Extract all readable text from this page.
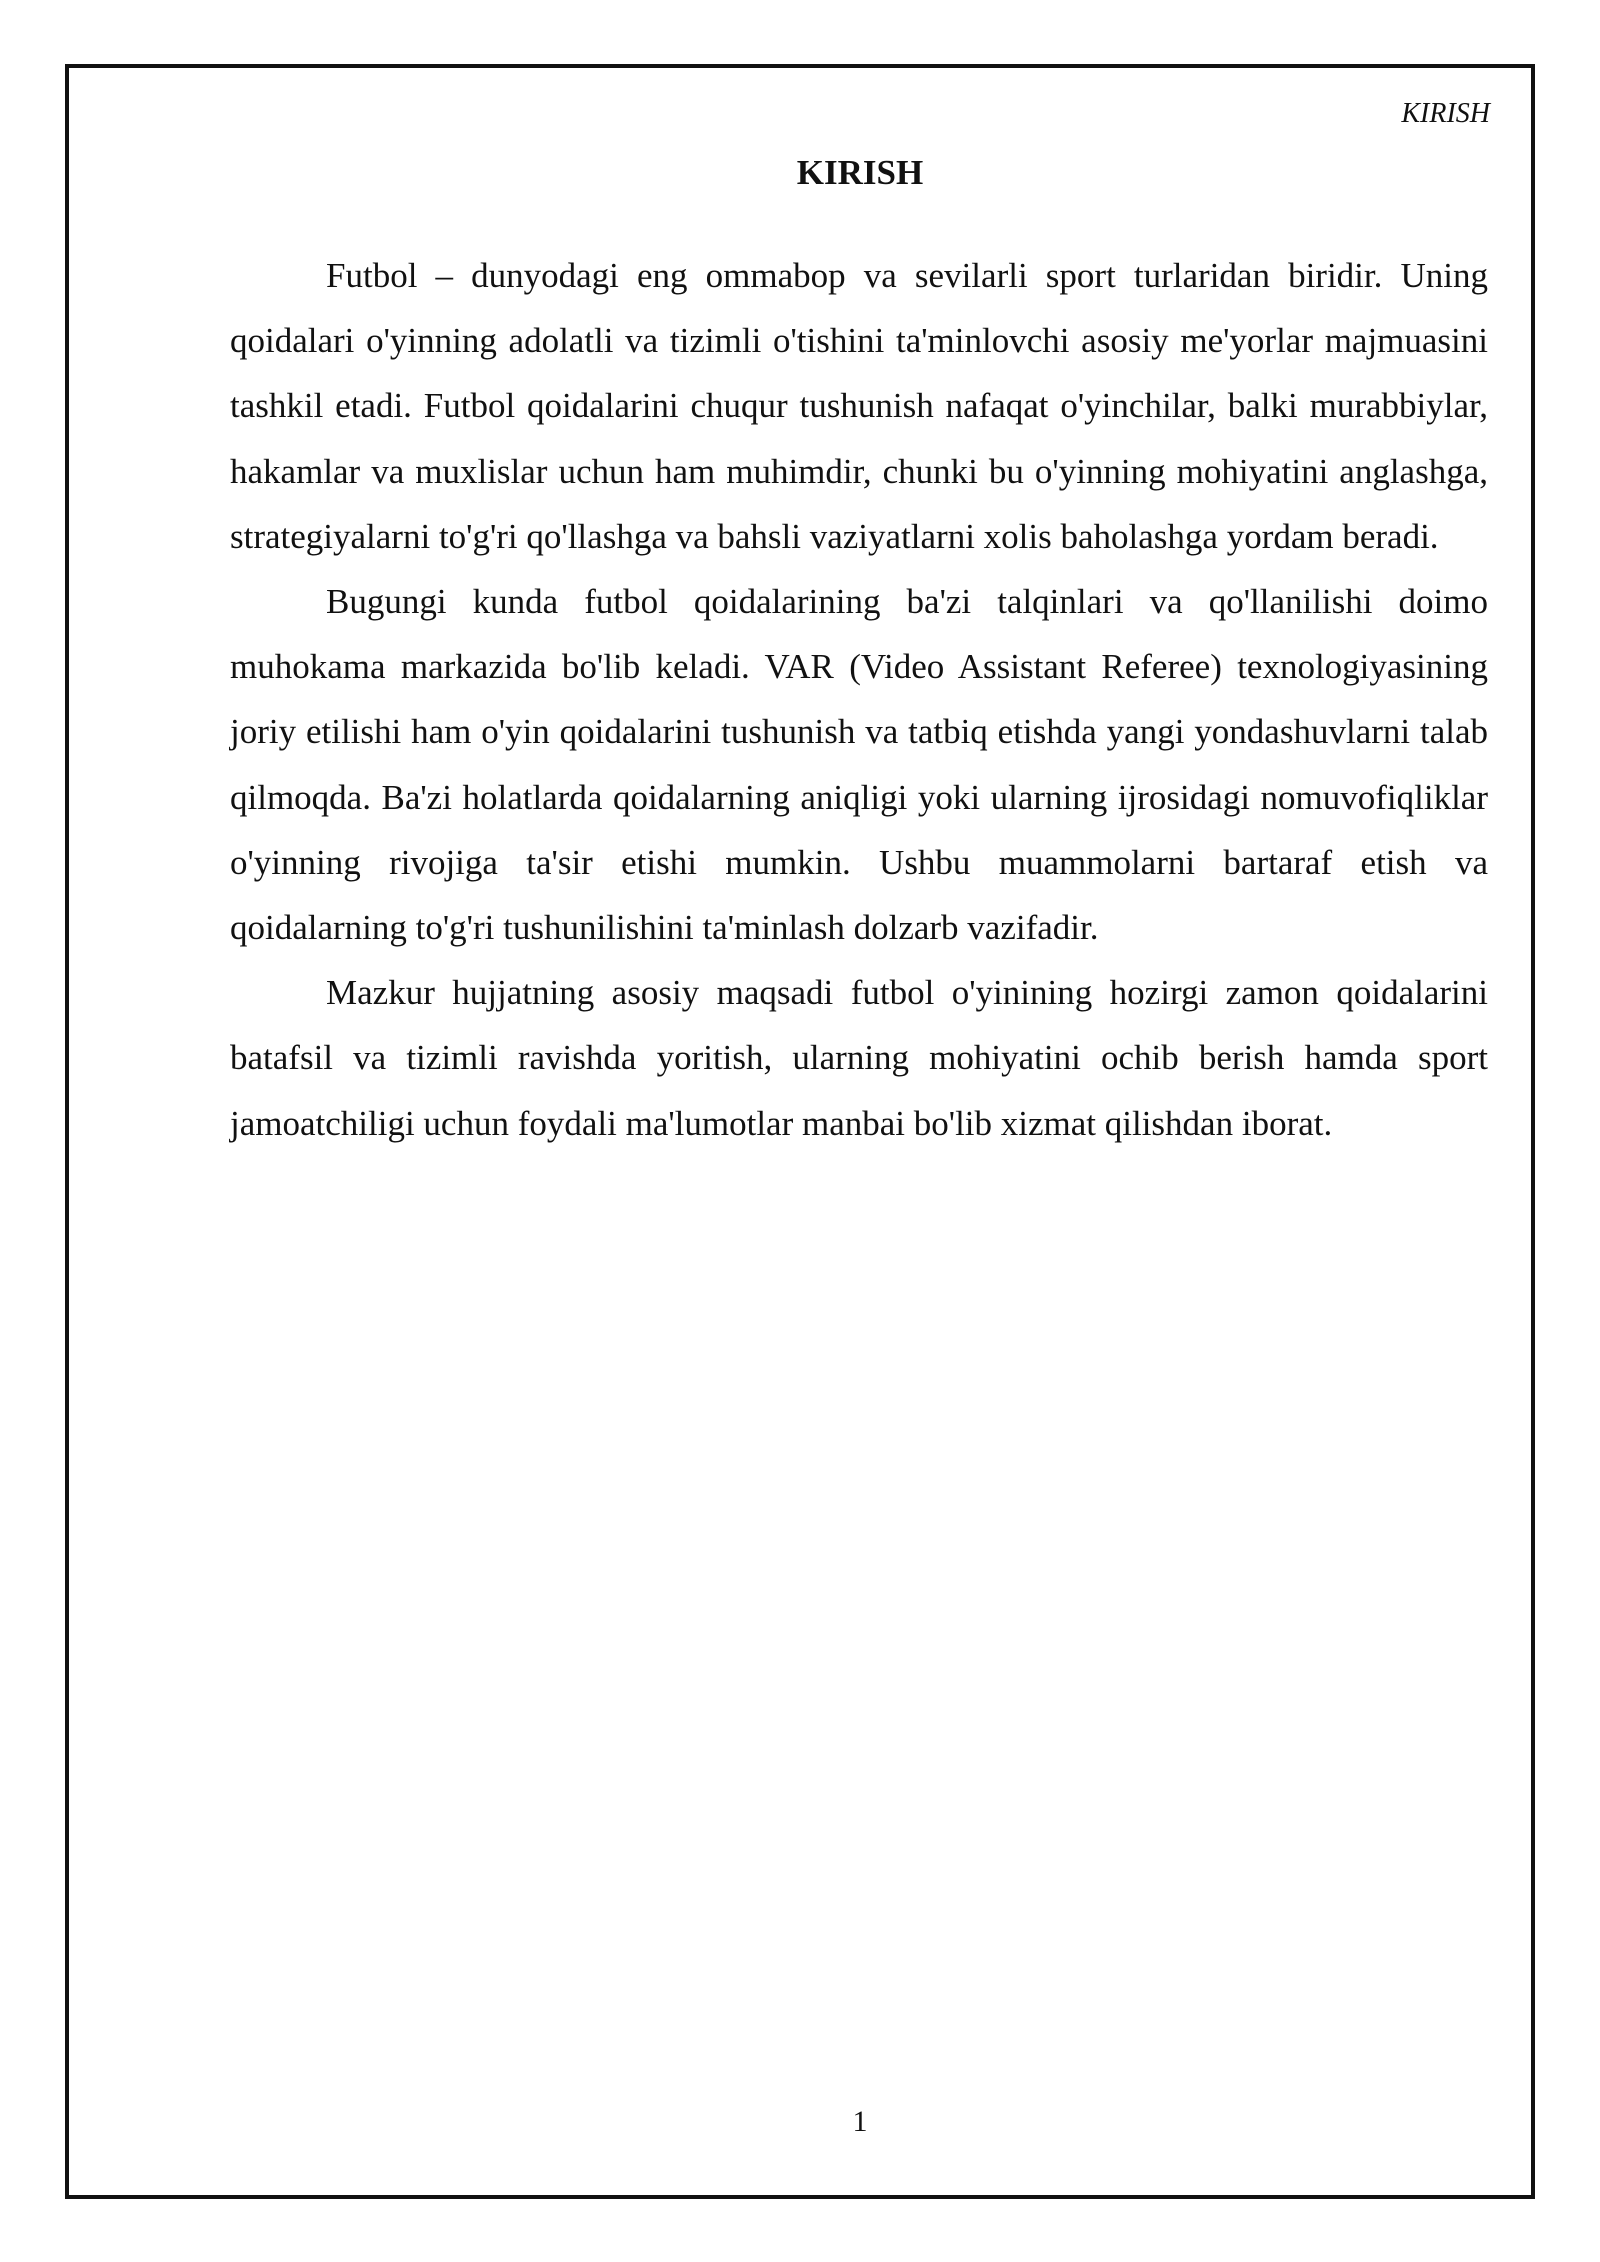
KIRISH
KIRISH

Futbol – dunyodagi eng ommabop va sevilarli sport turlaridan biridir. Uning qoidalari o'yinning adolatli va tizimli o'tishini ta'minlovchi asosiy me'yorlar majmuasini tashkil etadi. Futbol qoidalarini chuqur tushunish nafaqat o'yinchilar, balki murabbiylar, hakamlar va muxlislar uchun ham muhimdir, chunki bu o'yinning mohiyatini anglashga, strategiyalarni to'g'ri qo'llashga va bahsli vaziyatlarni xolis baholashga yordam beradi.

Bugungi kunda futbol qoidalarining ba'zi talqinlari va qo'llanilishi doimo muhokama markazida bo'lib keladi. VAR (Video Assistant Referee) texnologiyasining joriy etilishi ham o'yin qoidalarini tushunish va tatbiq etishda yangi yondashuvlarni talab qilmoqda. Ba'zi holatlarda qoidalarning aniqligi yoki ularning ijrosidagi nomuvofiqliklar o'yinning rivojiga ta'sir etishi mumkin. Ushbu muammolarni bartaraf etish va qoidalarning to'g'ri tushunilishini ta'minlash dolzarb vazifadir.

Mazkur hujjatning asosiy maqsadi futbol o'yinining hozirgi zamon qoidalarini batafsil va tizimli ravishda yoritish, ularning mohiyatini ochib berish hamda sport jamoatchiligi uchun foydali ma'lumotlar manbai bo'lib xizmat qilishdan iborat.

1
